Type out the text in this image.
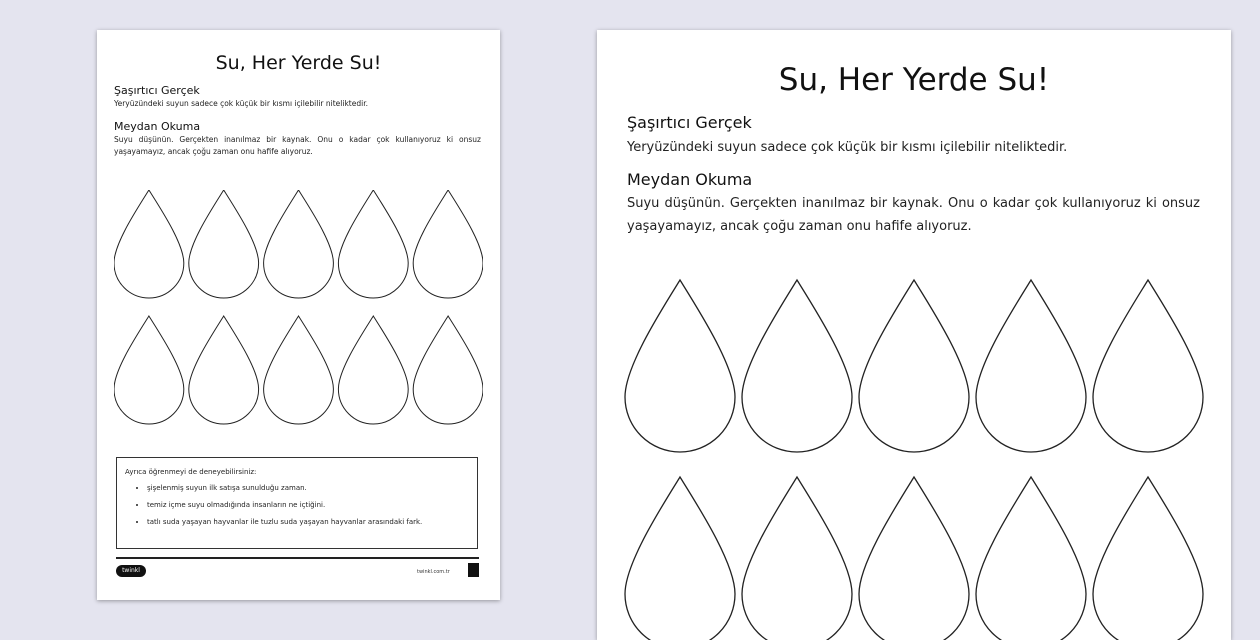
Su, Her Yerde Su!
Şaşırtıcı Gerçek
Yeryüzündeki suyun sadece çok küçük bir kısmı içilebilir niteliktedir.
Meydan Okuma
Suyu düşünün. Gerçekten inanılmaz bir kaynak. Onu o kadar çok kullanıyoruz ki onsuz yaşayamayız, ancak çoğu zaman onu hafife alıyoruz.
Ayrıca öğrenmeyi de deneyebilirsiniz:
• şişelenmiş suyun ilk satışa sunulduğu zaman.
• temiz içme suyu olmadığında insanların ne içtiğini.
• tatlı suda yaşayan hayvanlar ile tuzlu suda yaşayan hayvanlar arasındaki fark.
twinkl	twinkl.com.tr
Su, Her Yerde Su!
Şaşırtıcı Gerçek
Yeryüzündeki suyun sadece çok küçük bir kısmı içilebilir niteliktedir.
Meydan Okuma
Suyu düşünün. Gerçekten inanılmaz bir kaynak. Onu o kadar çok kullanıyoruz ki onsuz yaşayamayız, ancak çoğu zaman onu hafife alıyoruz.
